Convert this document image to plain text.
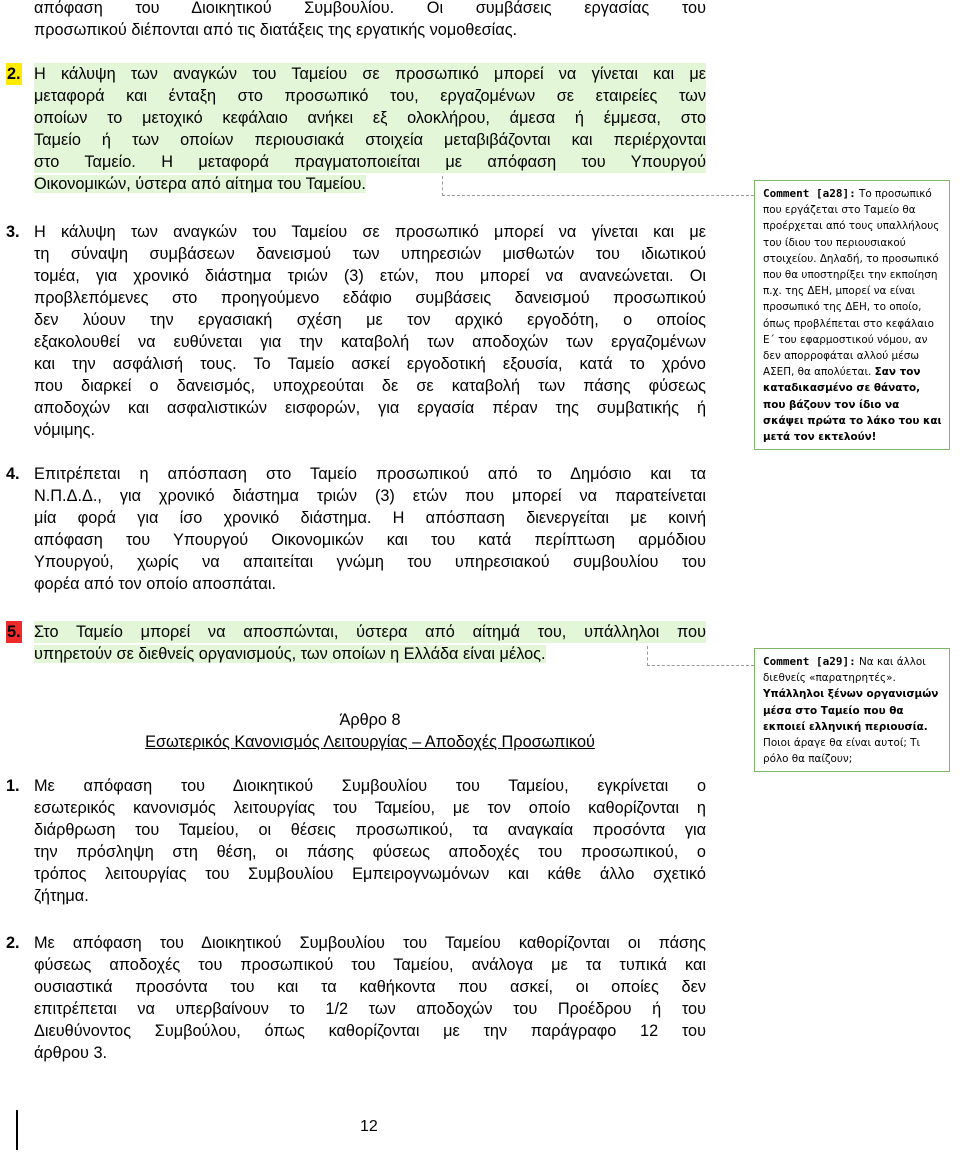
απόφαση του Διοικητικού Συμβουλίου. Οι συμβάσεις εργασίας του
προσωπικού διέπονται από τις διατάξεις της εργατικής νομοθεσίας.
2. Η κάλυψη των αναγκών του Ταμείου σε προσωπικό μπορεί να γίνεται και με
μεταφορά και ένταξη στο προσωπικό του, εργαζομένων σε εταιρείες των
οποίων το μετοχικό κεφάλαιο ανήκει εξ ολοκλήρου, άμεσα ή έμμεσα, στο
Ταμείο ή των οποίων περιουσιακά στοιχεία μεταβιβάζονται και περιέρχονται
στο Ταμείο. Η μεταφορά πραγματοποιείται με απόφαση του Υπουργού
Οικονομικών, ύστερα από αίτημα του Ταμείου.
3. Η κάλυψη των αναγκών του Ταμείου σε προσωπικό μπορεί να γίνεται και με
τη σύναψη συμβάσεων δανεισμού των υπηρεσιών μισθωτών του ιδιωτικού
τομέα, για χρονικό διάστημα τριών (3) ετών, που μπορεί να ανανεώνεται. Οι
προβλεπόμενες στο προηγούμενο εδάφιο συμβάσεις δανεισμού προσωπικού
δεν λύουν την εργασιακή σχέση με τον αρχικό εργοδότη, ο οποίος
εξακολουθεί να ευθύνεται για την καταβολή των αποδοχών των εργαζομένων
και την ασφάλισή τους. Το Ταμείο ασκεί εργοδοτική εξουσία, κατά το χρόνο
που διαρκεί ο δανεισμός, υποχρεούται δε σε καταβολή των πάσης φύσεως
αποδοχών και ασφαλιστικών εισφορών, για εργασία πέραν της συμβατικής ή
νόμιμης.
4. Επιτρέπεται η απόσπαση στο Ταμείο προσωπικού από το Δημόσιο και τα
Ν.Π.Δ.Δ., για χρονικό διάστημα τριών (3) ετών που μπορεί να παρατείνεται
μία φορά για ίσο χρονικό διάστημα. Η απόσπαση διενεργείται με κοινή
απόφαση του Υπουργού Οικονομικών και του κατά περίπτωση αρμόδιου
Υπουργού, χωρίς να απαιτείται γνώμη του υπηρεσιακού συμβουλίου του
φορέα από τον οποίο αποσπάται.
5. Στο Ταμείο μπορεί να αποσπώνται, ύστερα από αίτημά του, υπάλληλοι που
υπηρετούν σε διεθνείς οργανισμούς, των οποίων η Ελλάδα είναι μέλος.
Άρθρο 8
Εσωτερικός Κανονισμός Λειτουργίας – Αποδοχές Προσωπικού
1. Με απόφαση του Διοικητικού Συμβουλίου του Ταμείου, εγκρίνεται ο
εσωτερικός κανονισμός λειτουργίας του Ταμείου, με τον οποίο καθορίζονται η
διάρθρωση του Ταμείου, οι θέσεις προσωπικού, τα αναγκαία προσόντα για
την πρόσληψη στη θέση, οι πάσης φύσεως αποδοχές του προσωπικού, ο
τρόπος λειτουργίας του Συμβουλίου Εμπειρογνωμόνων και κάθε άλλο σχετικό
ζήτημα.
2. Με απόφαση του Διοικητικού Συμβουλίου του Ταμείου καθορίζονται οι πάσης
φύσεως αποδοχές του προσωπικού του Ταμείου, ανάλογα με τα τυπικά και
ουσιαστικά προσόντα του και τα καθήκοντα που ασκεί, οι οποίες δεν
επιτρέπεται να υπερβαίνουν το 1/2 των αποδοχών του Προέδρου ή του
Διευθύνοντος Συμβούλου, όπως καθορίζονται με την παράγραφο 12 του
άρθρου 3.
Comment [a28]: Το προσωπικό που εργάζεται στο Ταμείο θα προέρχεται από τους υπαλλήλους του ίδιου του περιουσιακού στοιχείου. Δηλαδή, το προσωπικό που θα υποστηρίξει την εκποίηση π.χ. της ΔΕΗ, μπορεί να είναι προσωπικό της ΔΕΗ, το οποίο, όπως προβλέπεται στο κεφάλαιο Ε΄ του εφαρμοστικού νόμου, αν δεν απορροφάται αλλού μέσω ΑΣΕΠ, θα απολύεται. Σαν τον καταδικασμένο σε θάνατο, που βάζουν τον ίδιο να σκάψει πρώτα το λάκο του και μετά τον εκτελούν!
Comment [a29]: Να και άλλοι διεθνείς «παρατηρητές». Υπάλληλοι ξένων οργανισμών μέσα στο Ταμείο που θα εκποιεί ελληνική περιουσία. Ποιοι άραγε θα είναι αυτοί; Τι ρόλο θα παίζουν;
12
